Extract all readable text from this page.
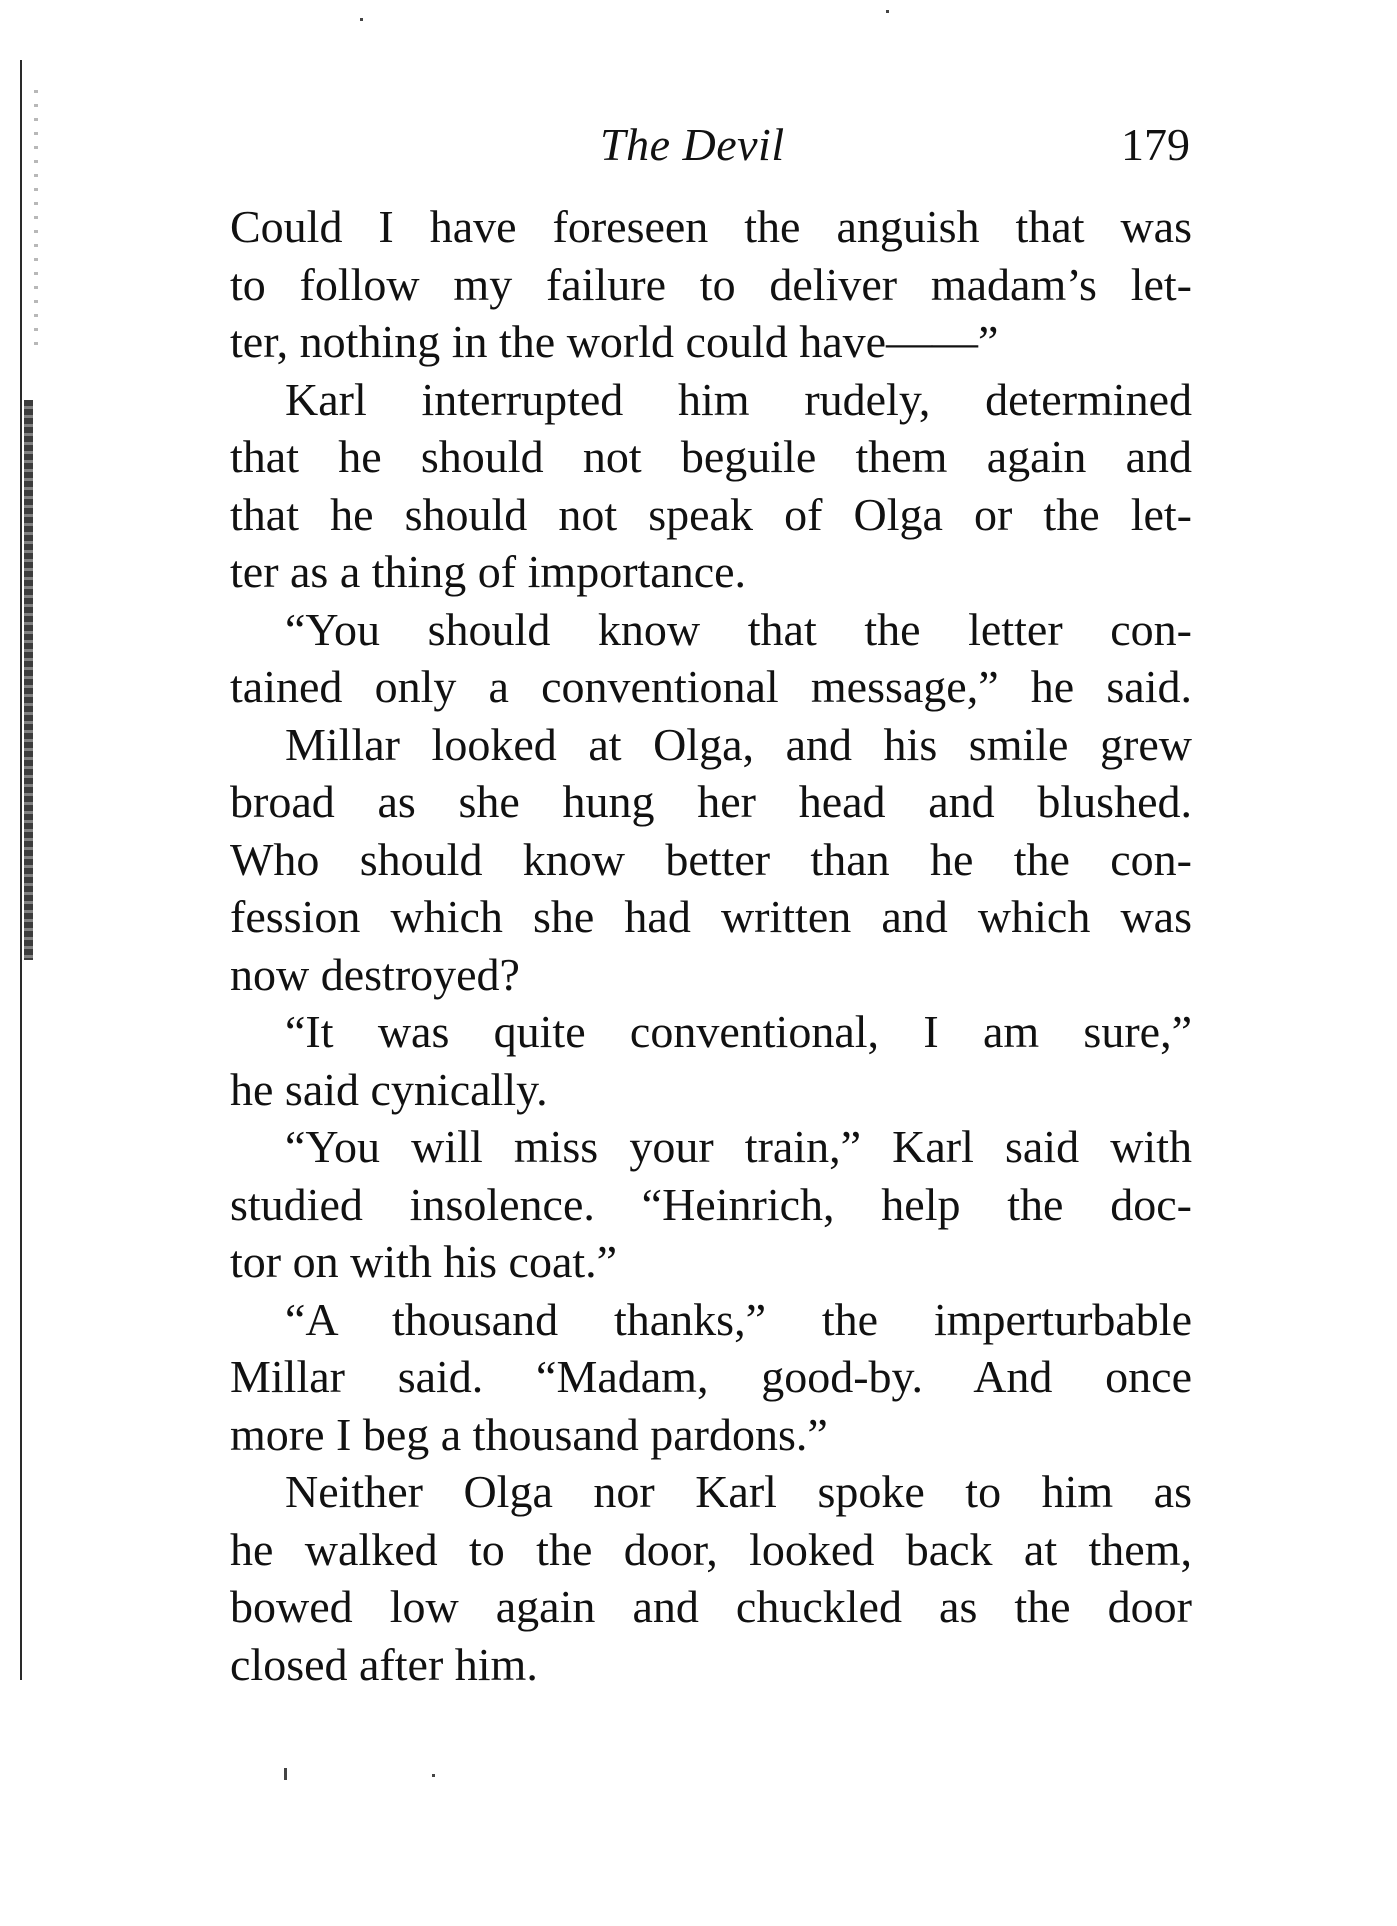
The Devil	179
Could I have foreseen the anguish that was
to follow my failure to deliver madam’s let-
ter, nothing in the world could have——”
Karl interrupted him rudely, determined
that he should not beguile them again and
that he should not speak of Olga or the let-
ter as a thing of importance.
“You should know that the letter con-
tained only a conventional message,” he said.
Millar looked at Olga, and his smile grew
broad as she hung her head and blushed.
Who should know better than he the con-
fession which she had written and which was
now destroyed?
“It was quite conventional, I am sure,”
he said cynically.
“You will miss your train,” Karl said with
studied insolence. “Heinrich, help the doc-
tor on with his coat.”
“A thousand thanks,” the imperturbable
Millar said. “Madam, good-by. And once
more I beg a thousand pardons.”
Neither Olga nor Karl spoke to him as
he walked to the door, looked back at them,
bowed low again and chuckled as the door
closed after him.
